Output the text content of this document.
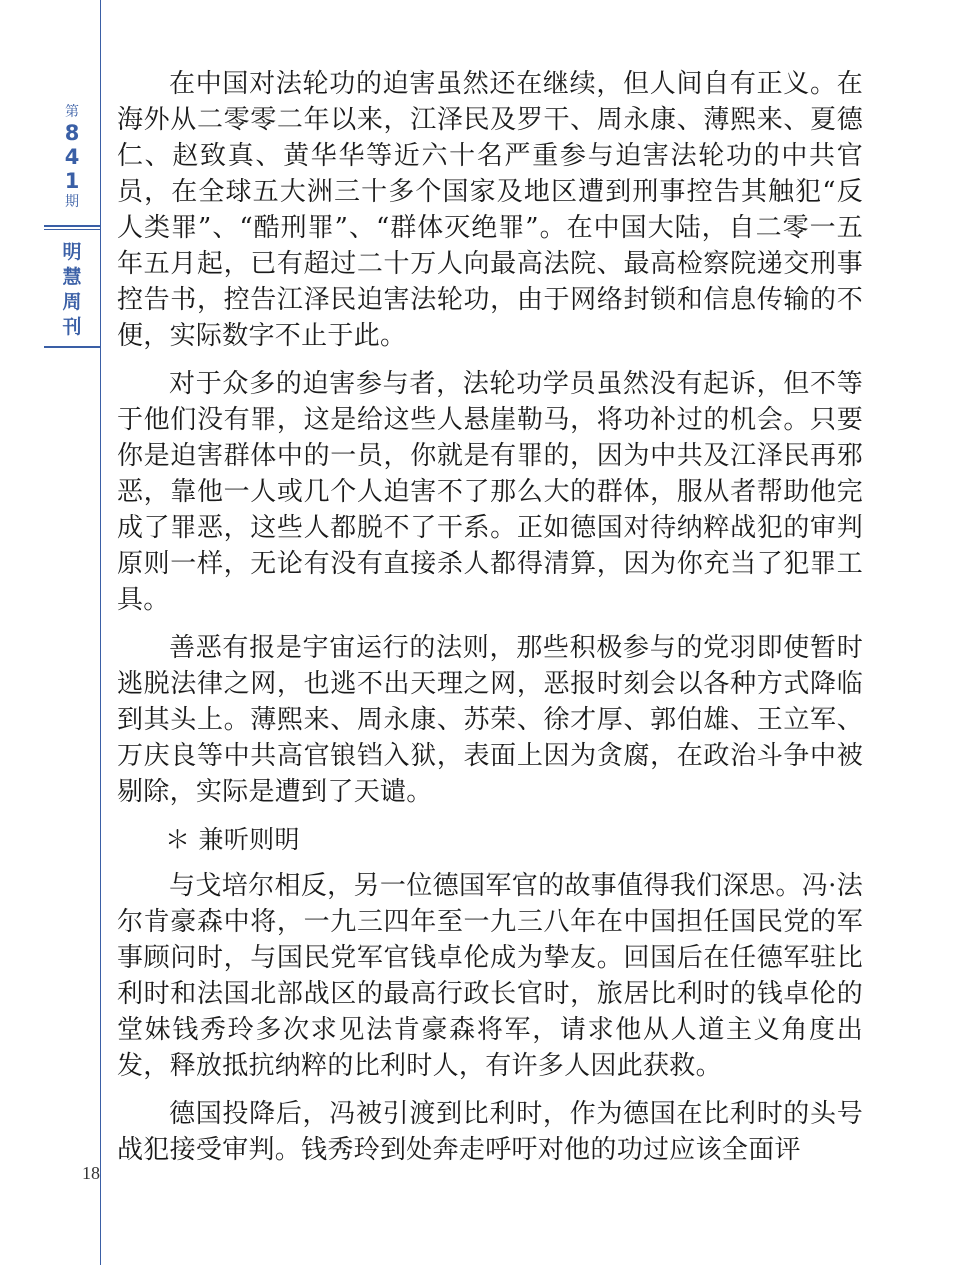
第
8
4
1
期
明
慧
周
刊
18

在中国对法轮功的迫害虽然还在继续，但人间自有正义。在海外从二零零二年以来，江泽民及罗干、周永康、薄熙来、夏德仁、赵致真、黄华华等近六十名严重参与迫害法轮功的中共官员，在全球五大洲三十多个国家及地区遭到刑事控告其触犯“反人类罪”、“酷刑罪”、“群体灭绝罪”。在中国大陆，自二零一五年五月起，已有超过二十万人向最高法院、最高检察院递交刑事控告书，控告江泽民迫害法轮功，由于网络封锁和信息传输的不便，实际数字不止于此。

对于众多的迫害参与者，法轮功学员虽然没有起诉，但不等于他们没有罪，这是给这些人悬崖勒马，将功补过的机会。只要你是迫害群体中的一员，你就是有罪的，因为中共及江泽民再邪恶，靠他一人或几个人迫害不了那么大的群体，服从者帮助他完成了罪恶，这些人都脱不了干系。正如德国对待纳粹战犯的审判原则一样，无论有没有直接杀人都得清算，因为你充当了犯罪工具。

善恶有报是宇宙运行的法则，那些积极参与的党羽即使暂时逃脱法律之网，也逃不出天理之网，恶报时刻会以各种方式降临到其头上。薄熙来、周永康、苏荣、徐才厚、郭伯雄、王立军、万庆良等中共高官锒铛入狱，表面上因为贪腐，在政治斗争中被剔除，实际是遭到了天谴。

＊ 兼听则明

与戈培尔相反，另一位德国军官的故事值得我们深思。冯·法尔肯豪森中将，一九三四年至一九三八年在中国担任国民党的军事顾问时，与国民党军官钱卓伦成为挚友。回国后在任德军驻比利时和法国北部战区的最高行政长官时，旅居比利时的钱卓伦的堂妹钱秀玲多次求见法肯豪森将军，请求他从人道主义角度出发，释放抵抗纳粹的比利时人，有许多人因此获救。

德国投降后，冯被引渡到比利时，作为德国在比利时的头号战犯接受审判。钱秀玲到处奔走呼吁对他的功过应该全面评
